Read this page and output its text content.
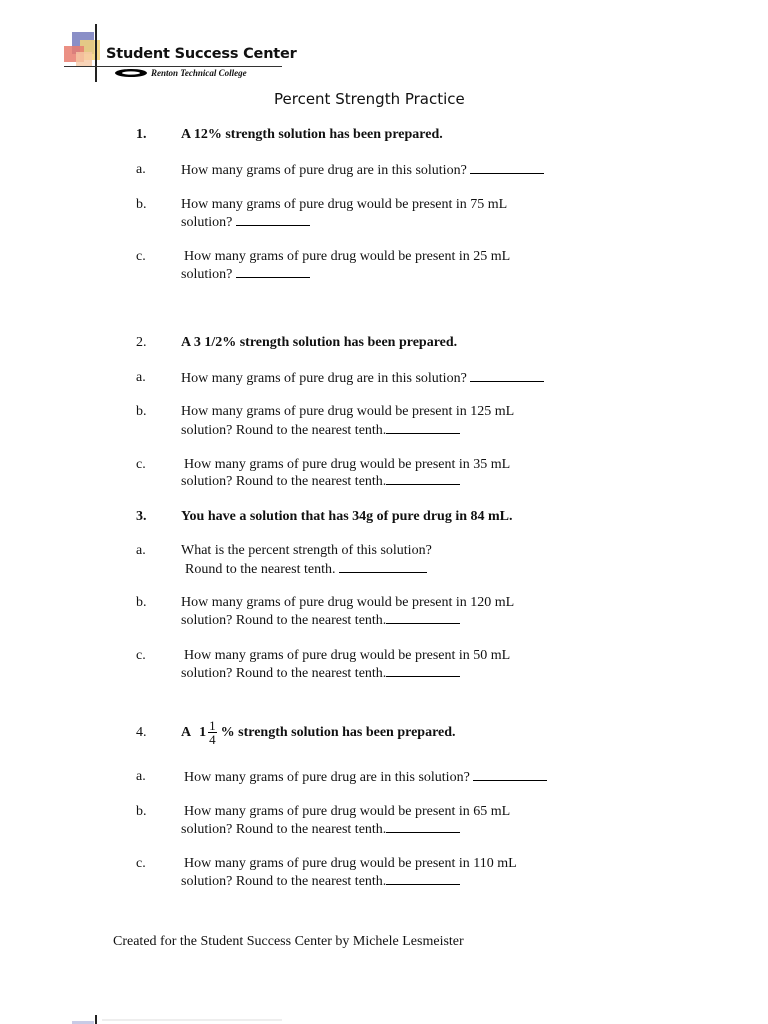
Student Success Center
Renton Technical College
Percent Strength Practice
1. A 12% strength solution has been prepared.
a.	How many grams of pure drug are in this solution?
b. How many grams of pure drug would be present in 75 mL
solution?
c.	How many grams of pure drug would be present in 25 mL
solution?
2. A 3 1/2% strength solution has been prepared.
a.	How many grams of pure drug are in this solution?
b. How many grams of pure drug would be present in 125 mL
solution? Round to the nearest tenth.
c.	How many grams of pure drug would be present in 35 mL
solution? Round to the nearest tenth.
3. You have a solution that has 34g of pure drug in 84 mL.
a.	What is the percent strength of this solution?
Round to the nearest tenth.
b. How many grams of pure drug would be present in 120 mL
solution? Round to the nearest tenth.
c.	How many grams of pure drug would be present in 50 mL
solution? Round to the nearest tenth.
4. A $1 \frac{1}{4}$ % strength solution has been prepared.
a.	How many grams of pure drug are in this solution?
b.	How many grams of pure drug would be present in 65 mL
solution? Round to the nearest tenth.
c.	How many grams of pure drug would be present in 110 mL
solution? Round to the nearest tenth.
Created for the Student Success Center by Michele Lesmeister
